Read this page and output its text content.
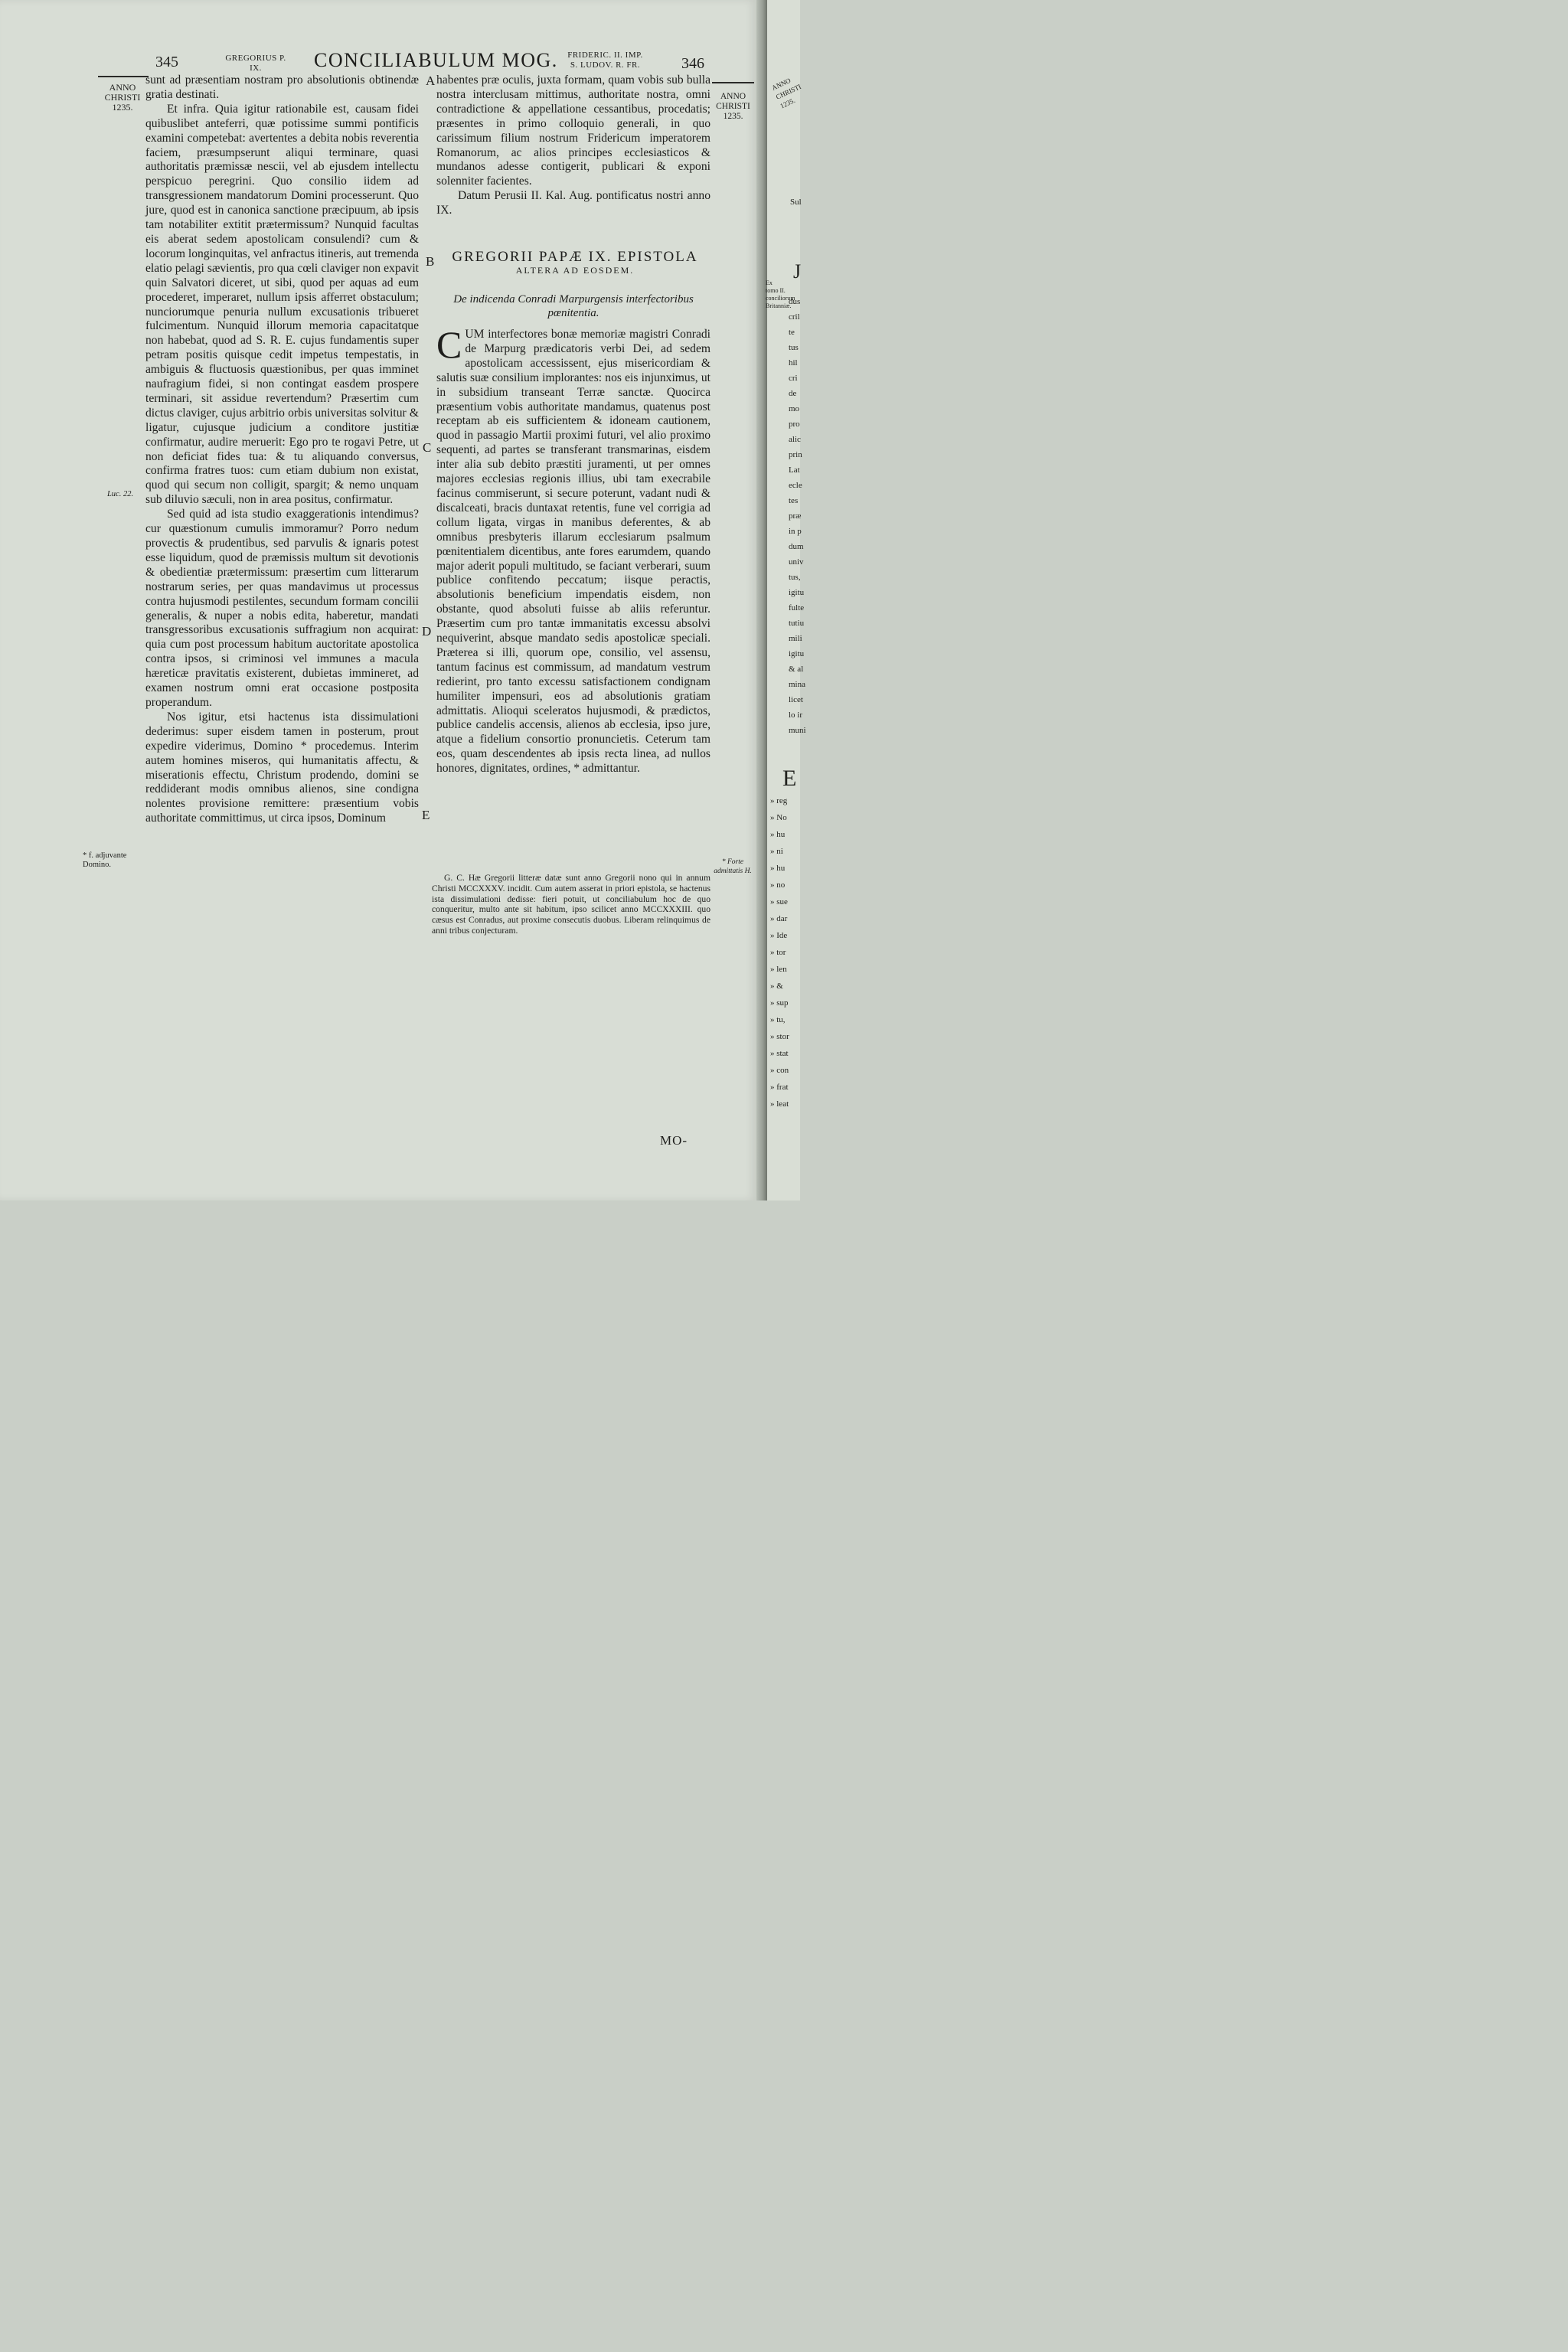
345	GREGORIUS P. IX.	CONCILIABULUM MOG.	FRIDERIC. II. IMP.
S. LUDOV. R. FR.	346
ANNO CHRISTI 1235.
Luc. 22.
* f. adjuvante Domino.
ANNO CHRISTI 1235.
* Forte admittatis H.
A
B
C
D
E

sunt ad præsentiam nostram pro absolutionis obtinendæ gratia destinati.

Et infra. Quia igitur rationabile est, causam fidei quibuslibet anteferri, quæ potissime summi pontificis examini competebat: avertentes a debita nobis reverentia faciem, præsumpserunt aliqui terminare, quasi authoritatis præmissæ nescii, vel ab ejusdem intellectu perspicuo peregrini. Quo consilio iidem ad transgressionem mandatorum Domini processerunt. Quo jure, quod est in canonica sanctione præcipuum, ab ipsis tam notabiliter extitit prætermissum? Nunquid facultas eis aberat sedem apostolicam consulendi? cum & locorum longinquitas, vel anfractus itineris, aut tremenda elatio pelagi sævientis, pro qua cœli claviger non expavit quin Salvatori diceret, ut sibi, quod per aquas ad eum procederet, imperaret, nullum ipsis afferret obstaculum; nunciorumque penuria nullum excusationis tribueret fulcimentum. Nunquid illorum memoria capacitatque non habebat, quod ad S. R. E. cujus fundamentis super petram positis quisque cedit impetus tempestatis, in ambiguis & fluctuosis quæstionibus, per quas imminet naufragium fidei, si non contingat easdem prospere terminari, sit assidue revertendum? Præsertim cum dictus claviger, cujus arbitrio orbis universitas solvitur & ligatur, cujusque judicium a conditore justitiæ confirmatur, audire meruerit: Ego pro te rogavi Petre, ut non deficiat fides tua: & tu aliquando conversus, confirma fratres tuos: cum etiam dubium non existat, quod qui secum non colligit, spargit; & nemo unquam sub diluvio sæculi, non in area positus, confirmatur.

Sed quid ad ista studio exaggerationis intendimus? cur quæstionum cumulis immoramur? Porro nedum provectis & prudentibus, sed parvulis & ignaris potest esse liquidum, quod de præmissis multum sit devotionis & obedientiæ prætermissum: præsertim cum litterarum nostrarum series, per quas mandavimus ut processus contra hujusmodi pestilentes, secundum formam concilii generalis, & nuper a nobis edita, haberetur, mandati transgressoribus excusationis suffragium non acquirat: quia cum post processum habitum auctoritate apostolica contra ipsos, si criminosi vel immunes a macula hæreticæ pravitatis existerent, dubietas immineret, ad examen nostrum omni erat occasione postposita properandum.

Nos igitur, etsi hactenus ista dissimulationi dederimus: super eisdem tamen in posterum, prout expedire viderimus, Domino * procedemus. Interim autem homines miseros, qui humanitatis affectu, & miserationis effectu, Christum prodendo, domini se reddiderant modis omnibus alienos, sine condigna nolentes provisione remittere: præsentium vobis authoritate committimus, ut circa ipsos, Dominum

habentes præ oculis, juxta formam, quam vobis sub bulla nostra interclusam mittimus, authoritate nostra, omni contradictione & appellatione cessantibus, procedatis; præsentes in primo colloquio generali, in quo carissimum filium nostrum Fridericum imperatorem Romanorum, ac alios principes ecclesiasticos & mundanos adesse contigerit, publicari & exponi solenniter facientes.

Datum Perusii II. Kal. Aug. pontificatus nostri anno IX.

GREGORII PAPÆ IX. EPISTOLA
ALTERA AD EOSDEM.
De indicenda Conradi Marpurgensis interfectoribus pœnitentia.

CUM interfectores bonæ memoriæ magistri Conradi de Marpurg prædicatoris verbi Dei, ad sedem apostolicam accessissent, ejus misericordiam & salutis suæ consilium implorantes: nos eis injunximus, ut in subsidium transeant Terræ sanctæ. Quocirca præsentium vobis authoritate mandamus, quatenus post receptam ab eis sufficientem & idoneam cautionem, quod in passagio Martii proximi futuri, vel alio proximo sequenti, ad partes se transferant transmarinas, eisdem inter alia sub debito præstiti juramenti, ut per omnes majores ecclesias regionis illius, ubi tam execrabile facinus commiserunt, si secure poterunt, vadant nudi & discalceati, bracis duntaxat retentis, fune vel corrigia ad collum ligata, virgas in manibus deferentes, & ab omnibus presbyteris illarum ecclesiarum psalmum pœnitentialem dicentibus, ante fores earumdem, quando major aderit populi multitudo, se faciant verberari, suum publice confitendo peccatum; iisque peractis, absolutionis beneficium impendatis eisdem, non obstante, quod absoluti fuisse ab aliis referuntur. Præsertim cum pro tantæ immanitatis excessu absolvi nequiverint, absque mandato sedis apostolicæ speciali. Præterea si illi, quorum ope, consilio, vel assensu, tantum facinus est commissum, ad mandatum vestrum redierint, pro tanto excessu satisfactionem condignam humiliter impensuri, eos ad absolutionis gratiam admittatis. Alioqui sceleratos hujusmodi, & prædictos, publice candelis accensis, alienos ab ecclesia, ipso jure, atque a fidelium consortio pronuncietis. Ceterum tam eos, quam descendentes ab ipsis recta linea, ad nullos honores, dignitates, ordines, * admittantur.

G. C. Hæ Gregorii litteræ datæ sunt anno Gregorii nono qui in annum Christi MCCXXXV. incidit. Cum autem asserat in priori epistola, se hactenus ista dissimulationi dedisse: fieri potuit, ut conciliabulum hoc de quo conqueritur, multo ante sit habitum, ipso scilicet anno MCCXXXIII. quo cæsus est Conradus, aut proxime consecutis duobus. Liberam relinquimus de anni tribus conjecturam.

MO-
ANNO CHRISTI 1235.
Ex tomo II. conciliorum Britanniæ.
Sul
J
dus
cril
te
tus
hil
cri
de
mo
pro
alic
prin
Lat
ecle
tes
præ
in p
dum
univ
tus,
igitu
fulte
tutiu
mili
igitu
& al
mina
licet
lo ir
muni
E
» reg
» No
» hu
» ni
» hu
» no
» sue
» dar
» Ide
» tor
» len
» &
» sup
» tu,
» stor
» stat
» con
» frat
» leat
